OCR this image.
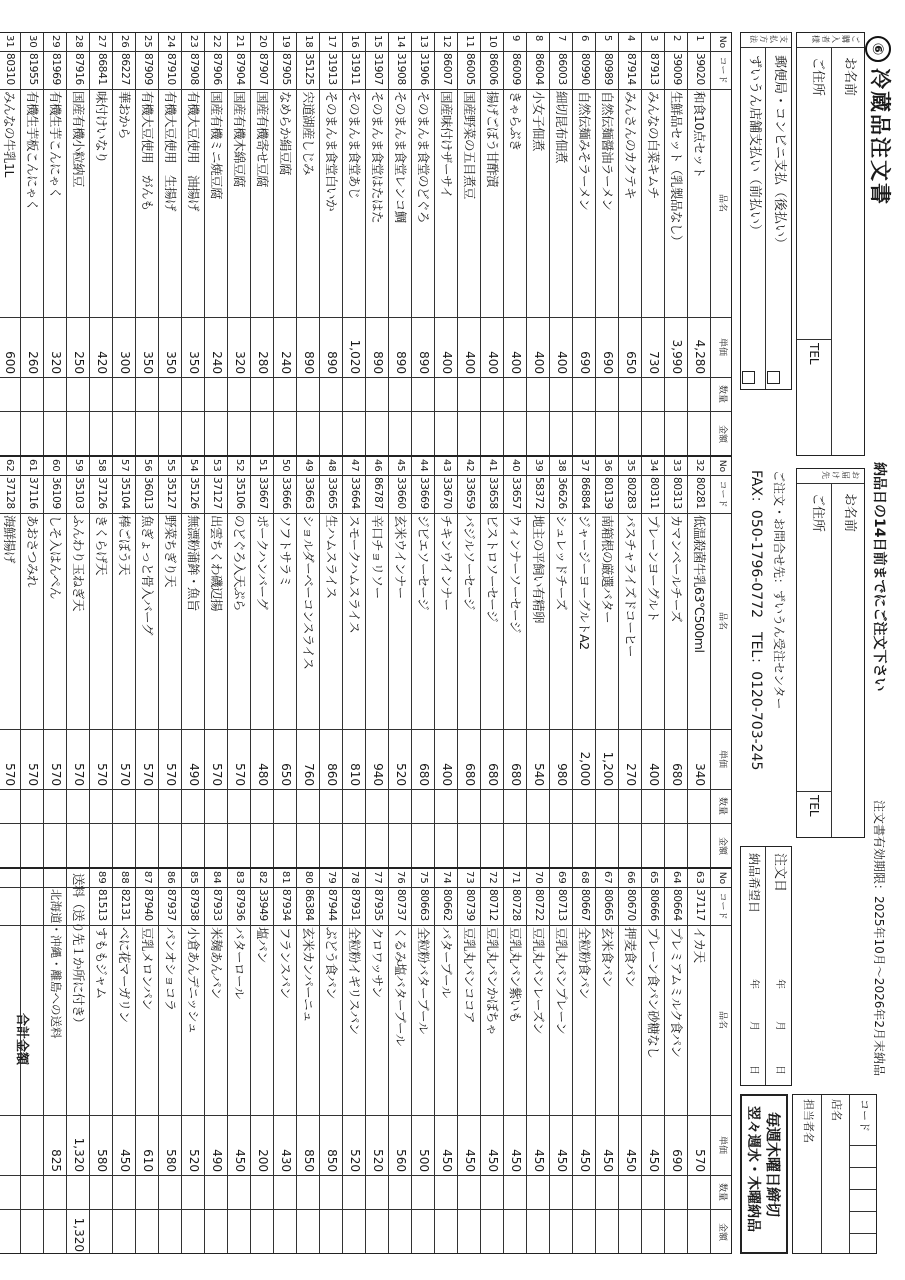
⑥
冷蔵品注文書
納品日の14日前までにご注文下さい
注文書有効期限：2025年10月～2026年2月末納品
ご購入者様
お名前
ご住所
TEL
支払方法
郵便局・コンビニ支払（後払い）
ずいうん店舗支払い（前払い）
お届け先
お名前
ご住所
TEL
ご注文・お問合せ先：ずいうん受注センター
FAX：050-1796-0772　TEL：0120-703-245
注文日
年
月
日
納品希望日
年
月
日
コード
店名
担当者名
毎週木曜日締切
翌々週水・木曜納品
No
コード
品名
単価
数量
金額
1
39020
和食10点セット
4,280
2
39009
生鮮品セット（乳製品なし）
3,990
3
87913
みんなの白菜キムチ
730
4
87914
みんさんのカクテキ
650
5
80989
自然伝麺醤油ラーメン
690
6
80990
自然伝麺みそラーメン
690
7
86003
細切昆布佃煮
400
8
86004
小女子佃煮
400
9
86009
きゃらぶき
400
10
86006
揚げごぼう甘酢漬
400
11
86005
国産野菜の五目煮豆
400
12
86007
国産味付けザーサイ
400
13
31906
そのまんま食堂のどぐろ
890
14
31908
そのまんま食堂レンコ鯛
890
15
31907
そのまんま食堂はたはた
890
16
31911
そのまんま食堂あじ
1,020
17
31913
そのまんま食堂白いか
890
18
35125
宍道湖産しじみ
890
19
87905
なめらか絹豆腐
240
20
87907
国産有機寄せ豆腐
280
21
87904
国産有機木綿豆腐
320
22
87906
国産有機ミニ焼豆腐
240
23
87908
有機大豆使用　油揚げ
350
24
87910
有機大豆使用　生揚げ
350
25
87909
有機大豆使用　がんも
350
26
86227
華おから
300
27
86841
味付けいなり
420
28
87916
国産有機小粒納豆
250
29
81969
有機生芋こんにゃく
320
30
81955
有機生芋板こんにゃく
260
31
80310
みんなの牛乳1L
600
No
コード
品名
単価
数量
金額
32
80281
低温殺菌牛乳63℃500ml
340
33
80313
カマンベールチーズ
680
34
80311
プレーンヨーグルト
400
35
80283
パスチャライズドコーヒー
270
36
80139
南箱根の厳選バター
1,200
37
86884
ジャージーヨーグルトA2
2,000
38
36626
シュレッドチーズ
980
39
58372
地主の平飼い有精卵
540
40
33657
ウィンナーソーセージ
680
41
33658
ビストロソーセージ
680
42
33659
バジルソーセージ
680
43
33670
チキンウインナー
400
44
33669
ジビエソーセージ
680
45
33660
玄米ウインナー
520
46
86787
辛口チョリソー
940
47
33664
スモークハムスライス
810
48
33665
生ハムスライス
860
49
33663
ショルダーベーコンスライス
760
50
33666
ソフトサラミ
650
51
33667
ポークハンバーグ
480
52
35106
のどぐろ入天ぷら
570
53
37127
出雲ちくわ磯辺揚
570
54
35126
無漂粉蒲鉾・魚旨
490
55
35127
野菜ちぎり天
570
56
36013
魚ぎょっと骨入バーグ
570
57
35104
棒ごぼう天
570
58
37126
きくらげ天
570
59
35103
ふんわり玉ねぎ天
570
60
36109
しそ入はんぺん
570
61
37116
あおさつみれ
570
62
37128
海鮮揚げ
570
No
コード
品名
単価
数量
金額
63
37117
イカ天
570
64
80664
プレミアムミルク食パン
690
65
80666
プレーン食パン砂糖なし
450
66
80670
押麦食パン
450
67
80665
玄米食パン
450
68
80667
全粒粉食パン
450
69
80713
豆乳丸パンプレーン
450
70
80722
豆乳丸パンレーズン
450
71
80728
豆乳丸パン紫いも
450
72
80712
豆乳丸パンかぼちゃ
450
73
80739
豆乳丸パンココア
450
74
80662
バターブール
450
75
80663
全粒粉バターブール
500
76
80737
くるみ塩バターブール
560
77
87935
クロワッサン
520
78
87931
全粒粉イギリスパン
520
79
87944
ぶどう食パン
850
80
86384
玄米カンパーニュ
850
81
87934
フランスパン
430
82
33949
塩パン
200
83
87936
バターロール
450
84
87933
米麹あんパン
490
85
87938
小倉あんデニッシュ
520
86
87937
パンオショコラ
580
87
87940
豆乳メロンパン
610
88
82131
べに花マーガリン
450
89
81513
すももジャム
580
送料（送り先１か所に付き）
1,320
1,320
北海道・沖縄・離島への送料
825
合計金額
